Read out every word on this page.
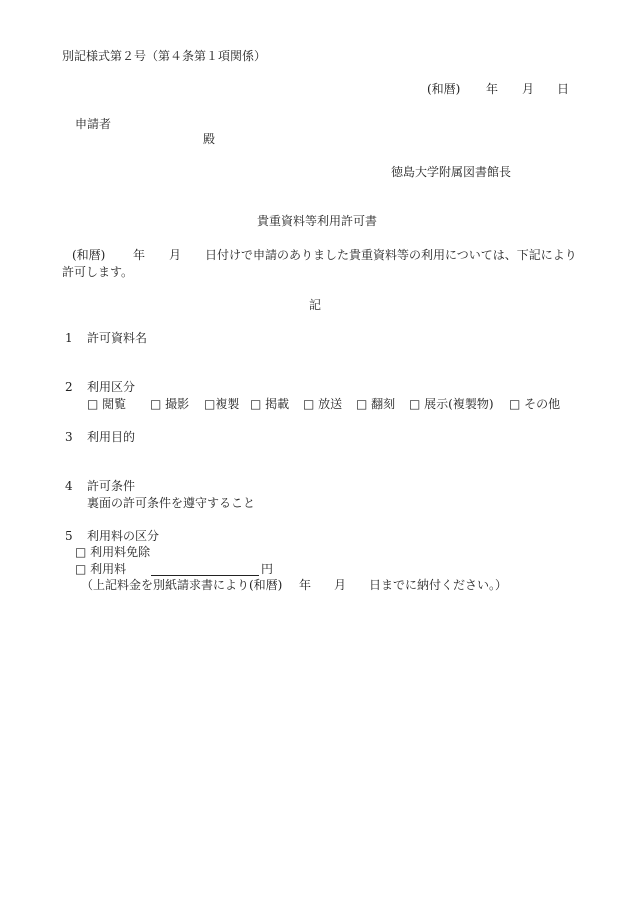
別記様式第２号（第４条第１項関係）
(和暦) 年 月 日
申請者
殿
徳島大学附属図書館長
貴重資料等利用許可書
(和暦) 年 月 日付けで申請のありました貴重資料等の利用については、下記により
許可します。
記
1 許可資料名
2 利用区分
□ 閲覧 □ 撮影 □複製 □ 掲載 □ 放送 □ 翻刻 □ 展示(複製物) □ その他
3 利用目的
4 許可条件
裏面の許可条件を遵守すること
5 利用料の区分
□ 利用料免除
□ 利用料	円
（上記料金を別紙請求書により(和暦) 年 月 日までに納付ください。）
